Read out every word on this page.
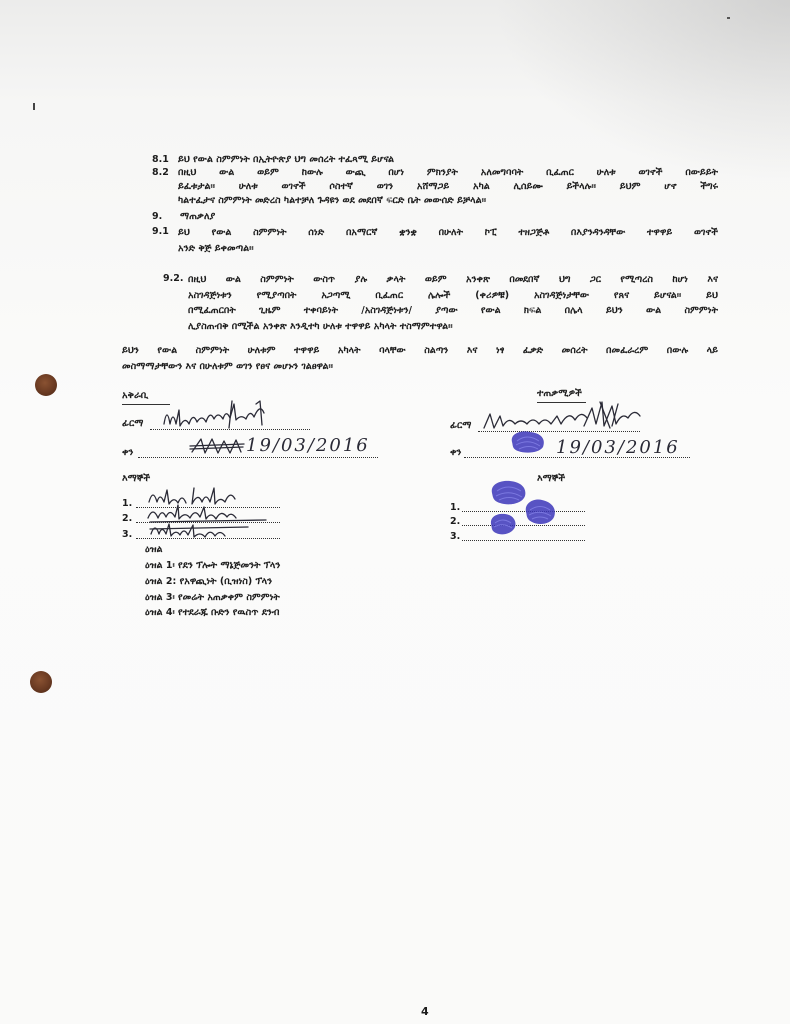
8.1 ይህ የውል ስምምነት በኢትዮጵያ ህግ መሰረት ተፈጻሚ ይሆናል
8.2 በዚህ ውል ወይም ከውሉ ውጪ በሆነ ምክንያት አለመግባባት ቢፈጠር ሁለቱ ወገኖች በውይይት
ይፈቱታል፡፡ ሁለቱ ወገኖች ሶስተኛ ወገን አሸማጋይ አካል ሊሰይሙ ይችላሉ፡፡ ይህም ሆኖ ችግሩ
ካልተፈታና ስምምነት መድረስ ካልተቻለ ጉዳዩን ወደ መደበኛ ፍርድ ቤት መውሰድ ይቻላል፡፡
9. ማጠቃለያ
9.1 ይህ የውል ስምምነት ሰነድ በአማርኛ ቋንቋ በሁለት ኮፒ ተዘጋጅቶ በእያንዳንዳቸው ተዋዋይ ወገኖች
አንድ ቅጅ ይቀመጣል፡፡
9.2. በዚህ ውል ስምምነት ውስጥ ያሉ ቃላት ወይም አንቀጽ በመደበኛ ህግ ጋር የሚጣረስ ከሆነ እና
አስገዳጅነቱን የሚያጣበት አጋጣሚ ቢፈጠር ሌሎች (ቀሪዎቹ) አስገዳጅነታቸው የጸና ይሆናል፡፡ ይህ
በሚፈጠርበት ጊዜም ተቀባይነት /አስገዳጅነቱን/ ያጣው የውል ክፍል በሌላ ይህን ውል ስምምነት
ሊያስጠብቅ በሚችል አንቀጽ እንዲተካ ሁለቱ ተዋዋይ አካላት ተስማምተዋል፡፡
ይህን የውል ስምምነት ሁለቱም ተዋዋይ አካላት ባላቸው ስልጣን እና ነፃ ፈቃድ መሰረት በመፈራረም በውሉ ላይ
መስማማታቸውን እና በሁለቱም ወገን የፀና መሆኑን ገልፀዋል፡፡
አቅራቢ
ፊርማ
ቀን	19/03/2016
እማኞች
1.
2.
3.
ተጠቃሚዎች
ፊርማ
ቀን	19/03/2016
እማኞች
1.
2.
3.
ዕዝል
ዕዝል 1፡ የደን ፕሎት ማኔጅመንት ፕላን
ዕዝል 2: የአዋጪነት (ቢዝነስ) ፕላን
ዕዝል 3፡ የመሬት አጠቃቀም ስምምነት
ዕዝል 4፡ የተደራጁ ቡድን የዉስጥ ደንብ
4
